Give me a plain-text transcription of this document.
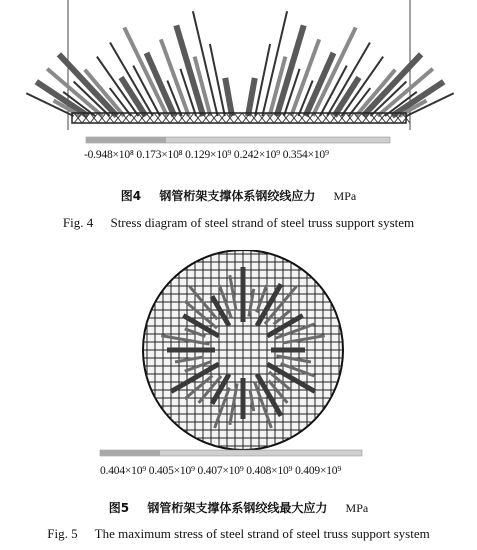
-0.948×10⁸ 0.173×10⁸ 0.129×10⁹ 0.242×10⁹ 0.354×10⁹
图4 钢管桁架支撑体系钢绞线应力 MPa
Fig. 4 Stress diagram of steel strand of steel truss support system
0.404×10⁹ 0.405×10⁹ 0.407×10⁹ 0.408×10⁹ 0.409×10⁹
图5 钢管桁架支撑体系钢绞线最大应力 MPa
Fig. 5 The maximum stress of steel strand of steel truss support system
